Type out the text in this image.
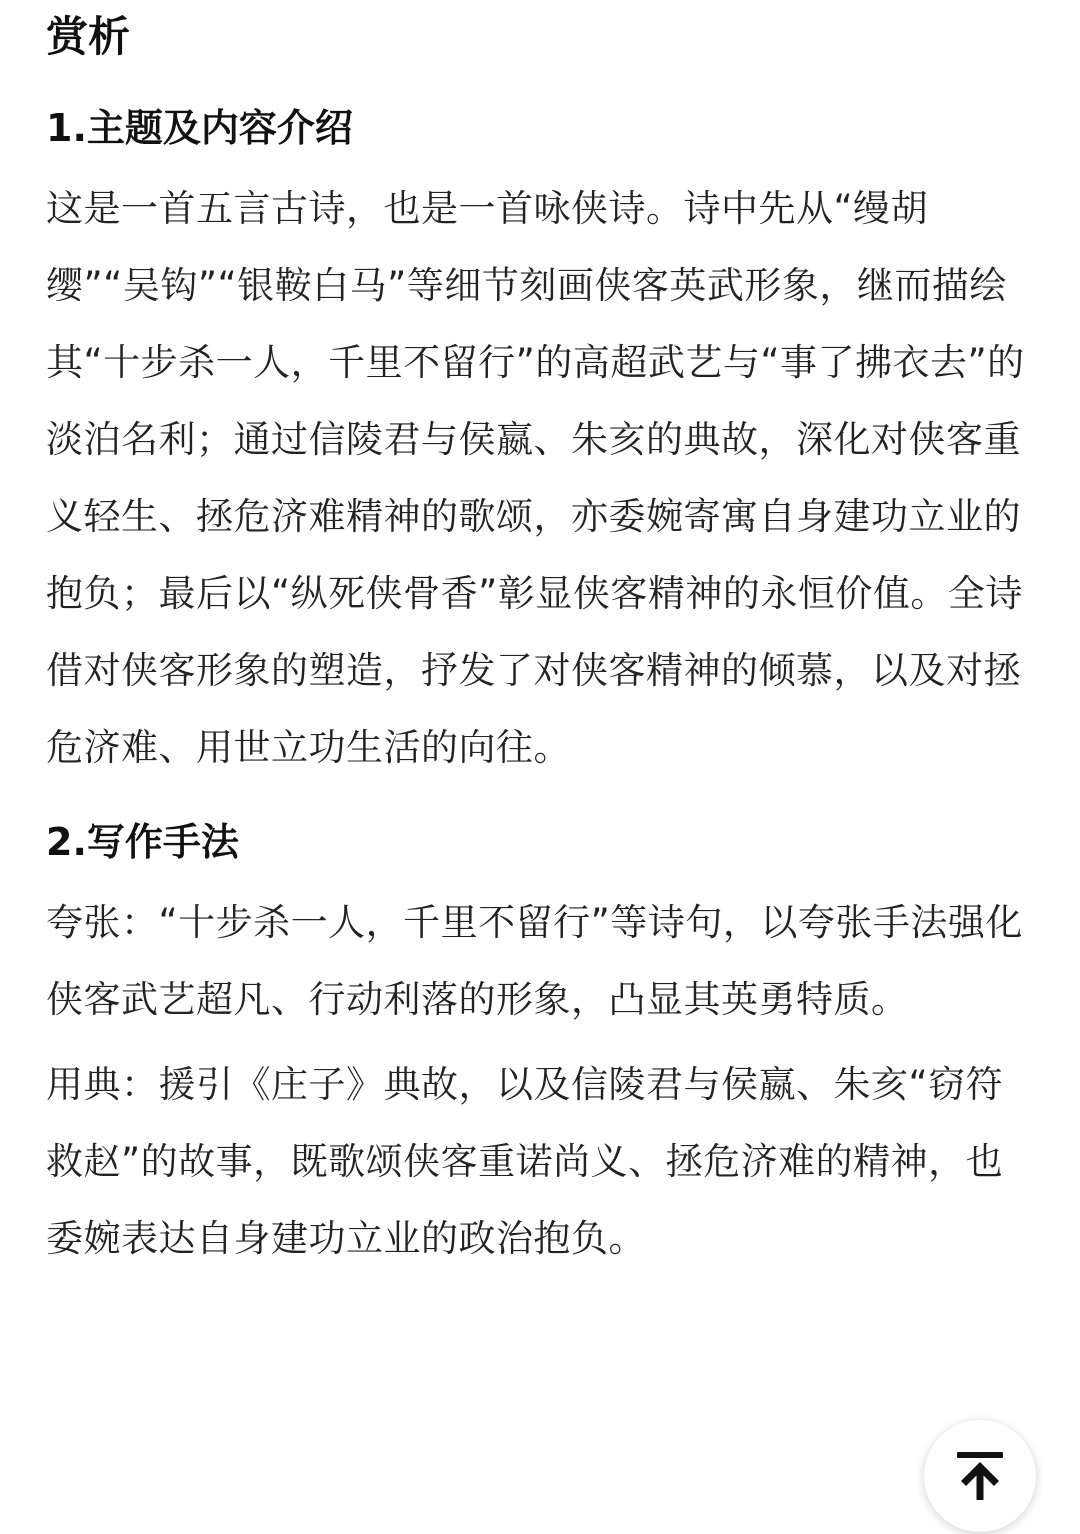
赏析
1.主题及内容介绍

这是一首五言古诗，也是一首咏侠诗。诗中先从“缦胡缨”“吴钩”“银鞍白马”等细节刻画侠客英武形象，继而描绘其“十步杀一人，千里不留行”的高超武艺与“事了拂衣去”的淡泊名利；通过信陵君与侯嬴、朱亥的典故，深化对侠客重义轻生、拯危济难精神的歌颂，亦委婉寄寓自身建功立业的抱负；最后以“纵死侠骨香”彰显侠客精神的永恒价值。全诗借对侠客形象的塑造，抒发了对侠客精神的倾慕，以及对拯危济难、用世立功生活的向往。

2.写作手法

夸张：“十步杀一人，千里不留行”等诗句，以夸张手法强化侠客武艺超凡、行动利落的形象，凸显其英勇特质。

用典：援引《庄子》典故，以及信陵君与侯嬴、朱亥“窃符救赵”的故事，既歌颂侠客重诺尚义、拯危济难的精神，也委婉表达自身建功立业的政治抱负。
